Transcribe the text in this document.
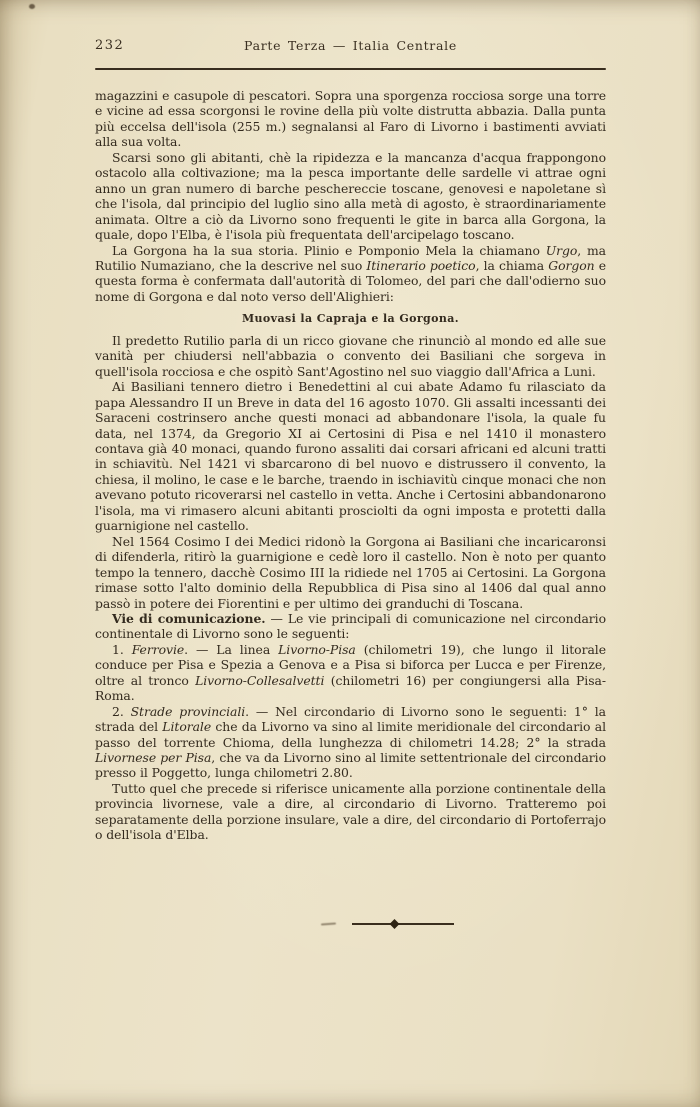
232	Parte Terza — Italia Centrale

magazzini e casupole di pescatori. Sopra una sporgenza rocciosa sorge una torre e vicine ad essa scorgonsi le rovine della più volte distrutta abbazia. Dalla punta più eccelsa dell'isola (255 m.) segnalansi al Faro di Livorno i bastimenti avviati alla sua volta.

Scarsi sono gli abitanti, chè la ripidezza e la mancanza d'acqua frappongono ostacolo alla coltivazione; ma la pesca importante delle sardelle vi attrae ogni anno un gran numero di barche peschereccie toscane, genovesi e napoletane sì che l'isola, dal principio del luglio sino alla metà di agosto, è straordinariamente animata. Oltre a ciò da Livorno sono frequenti le gite in barca alla Gorgona, la quale, dopo l'Elba, è l'isola più frequentata dell'arcipelago toscano.

La Gorgona ha la sua storia. Plinio e Pomponio Mela la chiamano Urgo, ma Rutilio Numaziano, che la descrive nel suo Itinerario poetico, la chiama Gorgon e questa forma è confermata dall'autorità di Tolomeo, del pari che dall'odierno suo nome di Gorgona e dal noto verso dell'Alighieri:

Muovasi la Capraja e la Gorgona.

Il predetto Rutilio parla di un ricco giovane che rinunciò al mondo ed alle sue vanità per chiudersi nell'abbazia o convento dei Basiliani che sorgeva in quell'isola rocciosa e che ospitò Sant'Agostino nel suo viaggio dall'Africa a Luni.

Ai Basiliani tennero dietro i Benedettini al cui abate Adamo fu rilasciato da papa Alessandro II un Breve in data del 16 agosto 1070. Gli assalti incessanti dei Saraceni costrinsero anche questi monaci ad abbandonare l'isola, la quale fu data, nel 1374, da Gregorio XI ai Certosini di Pisa e nel 1410 il monastero contava già 40 monaci, quando furono assaliti dai corsari africani ed alcuni tratti in schiavitù. Nel 1421 vi sbarcarono di bel nuovo e distrussero il convento, la chiesa, il molino, le case e le barche, traendo in ischiavitù cinque monaci che non avevano potuto ricoverarsi nel castello in vetta. Anche i Certosini abbandonarono l'isola, ma vi rimasero alcuni abitanti prosciolti da ogni imposta e protetti dalla guarnigione nel castello.

Nel 1564 Cosimo I dei Medici ridonò la Gorgona ai Basiliani che incaricaronsi di difenderla, ritirò la guarnigione e cedè loro il castello. Non è noto per quanto tempo la tennero, dacchè Cosimo III la ridiede nel 1705 ai Certosini. La Gorgona rimase sotto l'alto dominio della Repubblica di Pisa sino al 1406 dal qual anno passò in potere dei Fiorentini e per ultimo dei granduchi di Toscana.

Vie di comunicazione. — Le vie principali di comunicazione nel circondario continentale di Livorno sono le seguenti:

1. Ferrovie. — La linea Livorno-Pisa (chilometri 19), che lungo il litorale conduce per Pisa e Spezia a Genova e a Pisa si biforca per Lucca e per Firenze, oltre al tronco Livorno-Collesalvetti (chilometri 16) per congiungersi alla Pisa-Roma.

2. Strade provinciali. — Nel circondario di Livorno sono le seguenti: 1° la strada del Litorale che da Livorno va sino al limite meridionale del circondario al passo del torrente Chioma, della lunghezza di chilometri 14.28; 2° la strada Livornese per Pisa, che va da Livorno sino al limite settentrionale del circondario presso il Poggetto, lunga chilometri 2.80.

Tutto quel che precede si riferisce unicamente alla porzione continentale della provincia livornese, vale a dire, al circondario di Livorno. Tratteremo poi separatamente della porzione insulare, vale a dire, del circondario di Portoferrajo o dell'isola d'Elba.
